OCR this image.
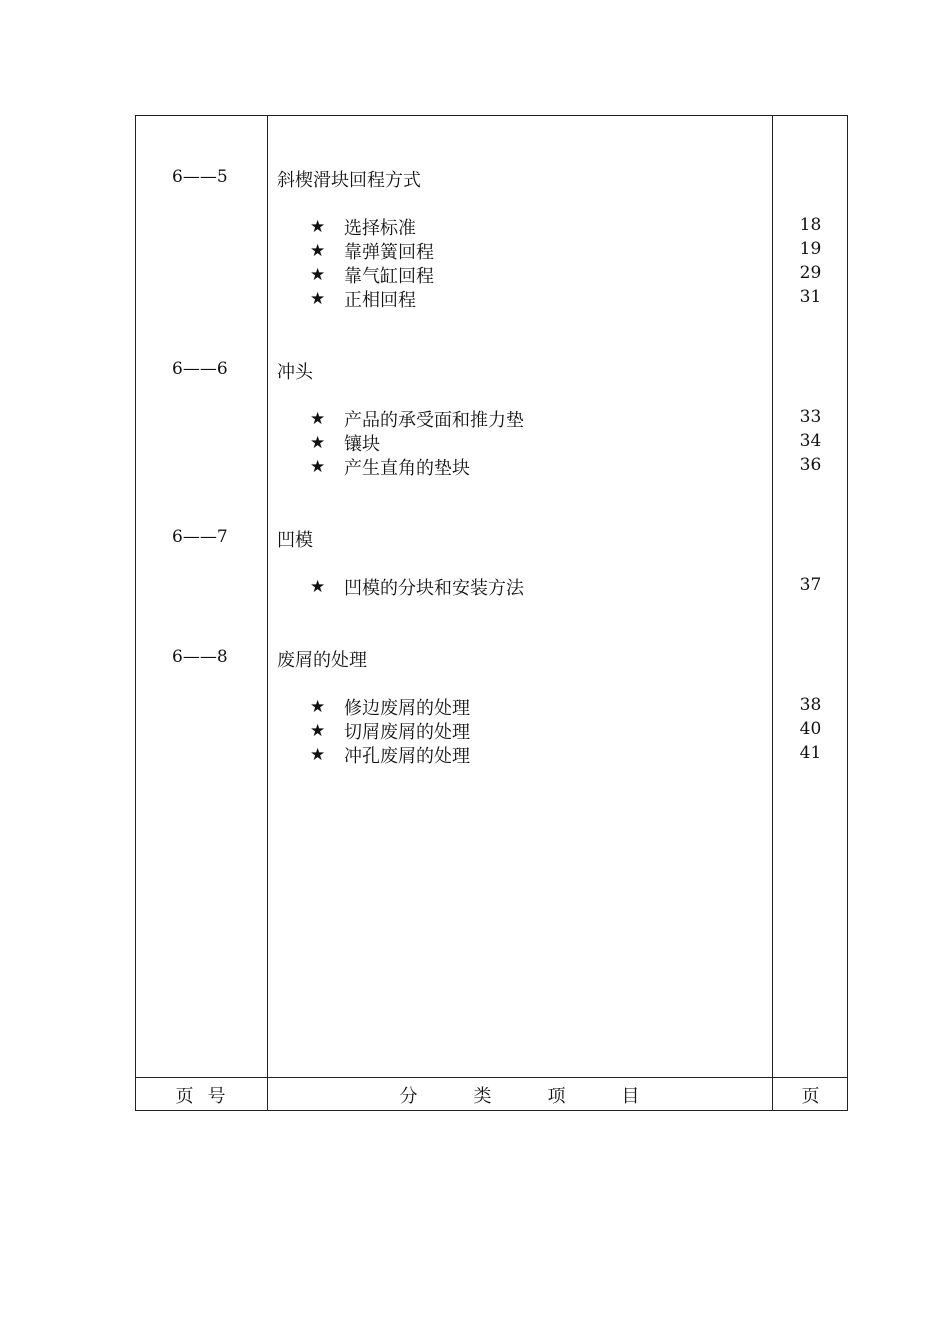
6——5	斜楔滑块回程方式
★	选择标准	18
★	靠弹簧回程	19
★	靠气缸回程	29
★	正相回程	31
6——6	冲头
★	产品的承受面和推力垫	33
★	镶块	34
★	产生直角的垫块	36
6——7	凹模
★	凹模的分块和安装方法	37
6——8	废屑的处理
★	修边废屑的处理	38
★	切屑废屑的处理	40
★	冲孔废屑的处理	41
页号	分类项目	页
